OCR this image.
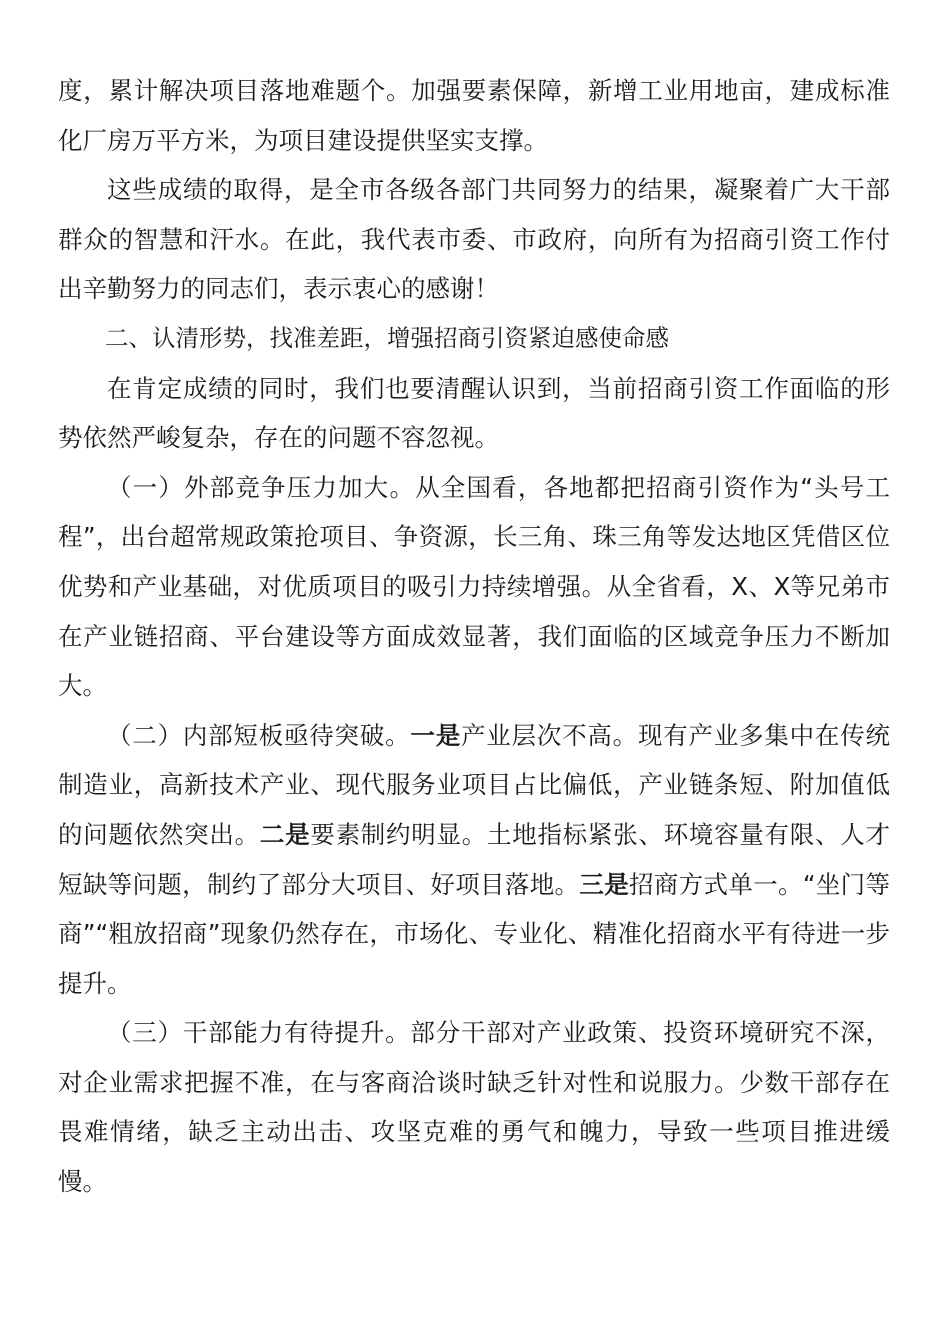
度，累计解决项目落地难题个。加强要素保障，新增工业用地亩，建成标准化厂房万平方米，为项目建设提供坚实支撑。

这些成绩的取得，是全市各级各部门共同努力的结果，凝聚着广大干部群众的智慧和汗水。在此，我代表市委、市政府，向所有为招商引资工作付出辛勤努力的同志们，表示衷心的感谢！

二、认清形势，找准差距，增强招商引资紧迫感使命感

在肯定成绩的同时，我们也要清醒认识到，当前招商引资工作面临的形势依然严峻复杂，存在的问题不容忽视。

（一）外部竞争压力加大。从全国看，各地都把招商引资作为“头号工程”，出台超常规政策抢项目、争资源，长三角、珠三角等发达地区凭借区位优势和产业基础，对优质项目的吸引力持续增强。从全省看，X、X等兄弟市在产业链招商、平台建设等方面成效显著，我们面临的区域竞争压力不断加大。

（二）内部短板亟待突破。一是产业层次不高。现有产业多集中在传统制造业，高新技术产业、现代服务业项目占比偏低，产业链条短、附加值低的问题依然突出。二是要素制约明显。土地指标紧张、环境容量有限、人才短缺等问题，制约了部分大项目、好项目落地。三是招商方式单一。“坐门等商”“粗放招商”现象仍然存在，市场化、专业化、精准化招商水平有待进一步提升。

（三）干部能力有待提升。部分干部对产业政策、投资环境研究不深，对企业需求把握不准，在与客商洽谈时缺乏针对性和说服力。少数干部存在畏难情绪，缺乏主动出击、攻坚克难的勇气和魄力，导致一些项目推进缓慢。
